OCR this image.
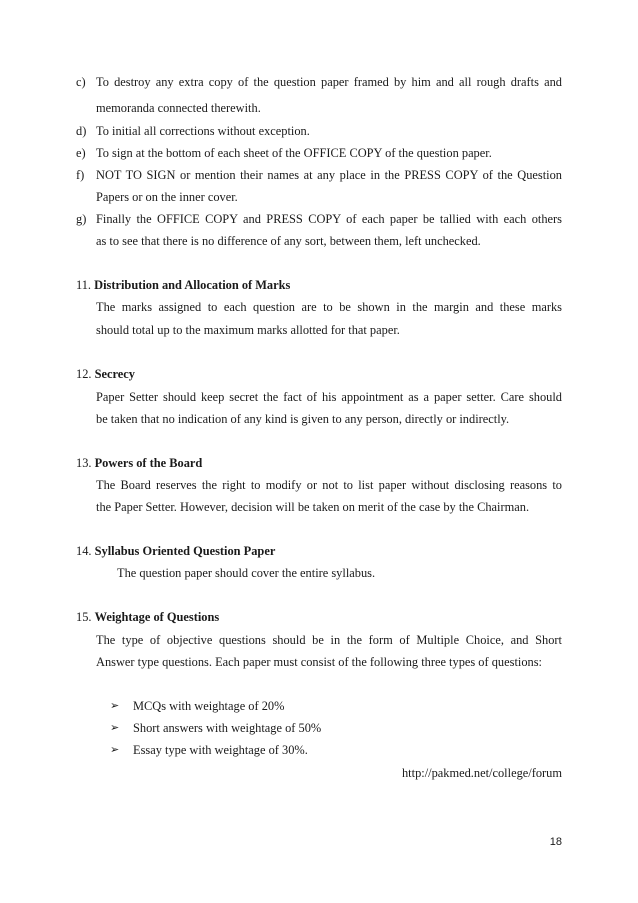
c) To destroy any extra copy of the question paper framed by him and all rough drafts and
memoranda connected therewith.
d) To initial all corrections without exception.
e) To sign at the bottom of each sheet of the OFFICE COPY of the question paper.
f) NOT TO SIGN or mention their names at any place in the PRESS COPY of the Question
Papers or on the inner cover.
g) Finally the OFFICE COPY and PRESS COPY of each paper be tallied with each others
as to see that there is no difference of any sort, between them, left unchecked.
11. Distribution and Allocation of Marks
The marks assigned to each question are to be shown in the margin and these marks
should total up to the maximum marks allotted for that paper.
12. Secrecy
Paper Setter should keep secret the fact of his appointment as a paper setter. Care should
be taken that no indication of any kind is given to any person, directly or indirectly.
13. Powers of the Board
The Board reserves the right to modify or not to list paper without disclosing reasons to
the Paper Setter. However, decision will be taken on merit of the case by the Chairman.
14. Syllabus Oriented Question Paper
The question paper should cover the entire syllabus.
15. Weightage of Questions
The type of objective questions should be in the form of Multiple Choice, and Short
Answer type questions. Each paper must consist of the following three types of questions:
➢ MCQs with weightage of 20%
➢ Short answers with weightage of 50%
➢ Essay type with weightage of 30%.
http://pakmed.net/college/forum
18
